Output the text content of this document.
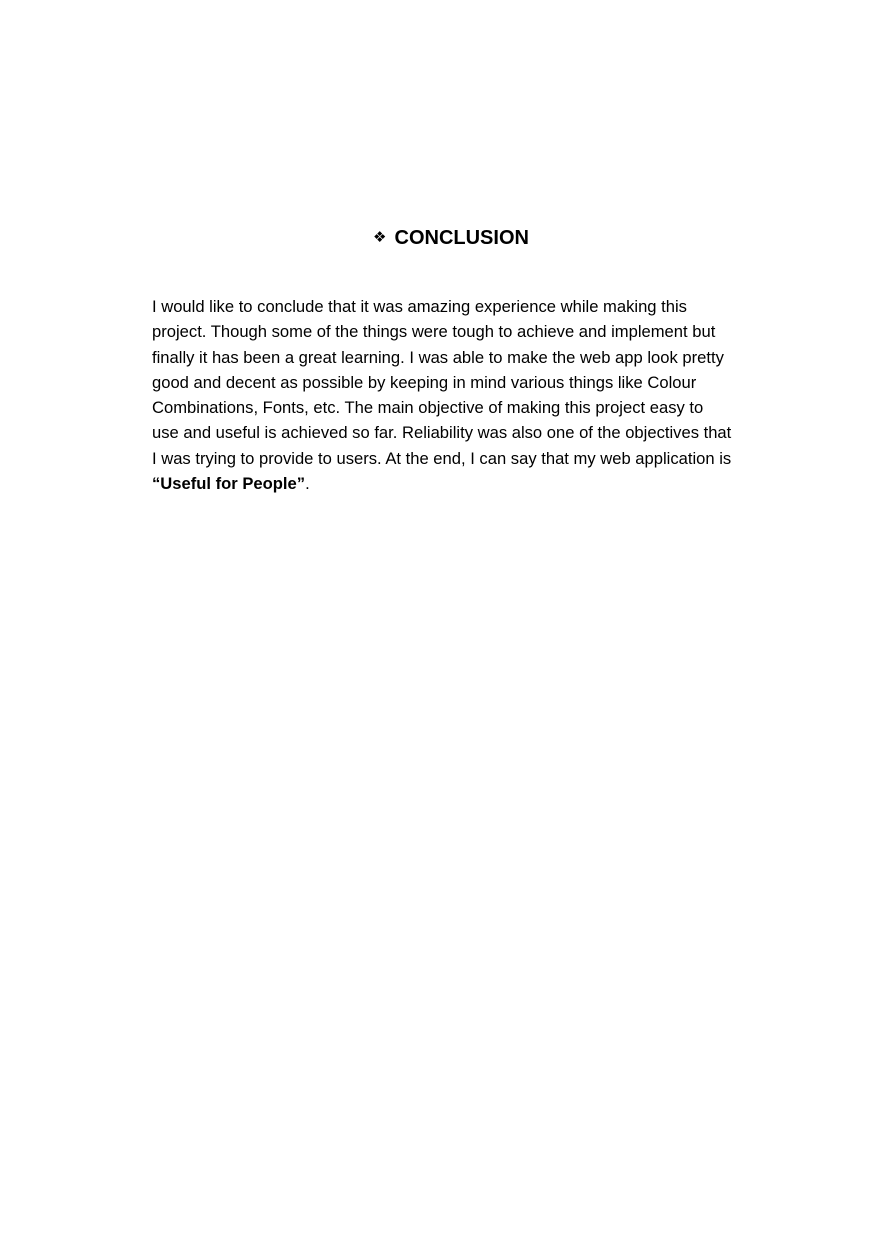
❖ CONCLUSION

I would like to conclude that it was amazing experience while making this project. Though some of the things were tough to achieve and implement but finally it has been a great learning. I was able to make the web app look pretty good and decent as possible by keeping in mind various things like Colour Combinations, Fonts, etc. The main objective of making this project easy to use and useful is achieved so far. Reliability was also one of the objectives that I was trying to provide to users. At the end, I can say that my web application is “Useful for People”.
